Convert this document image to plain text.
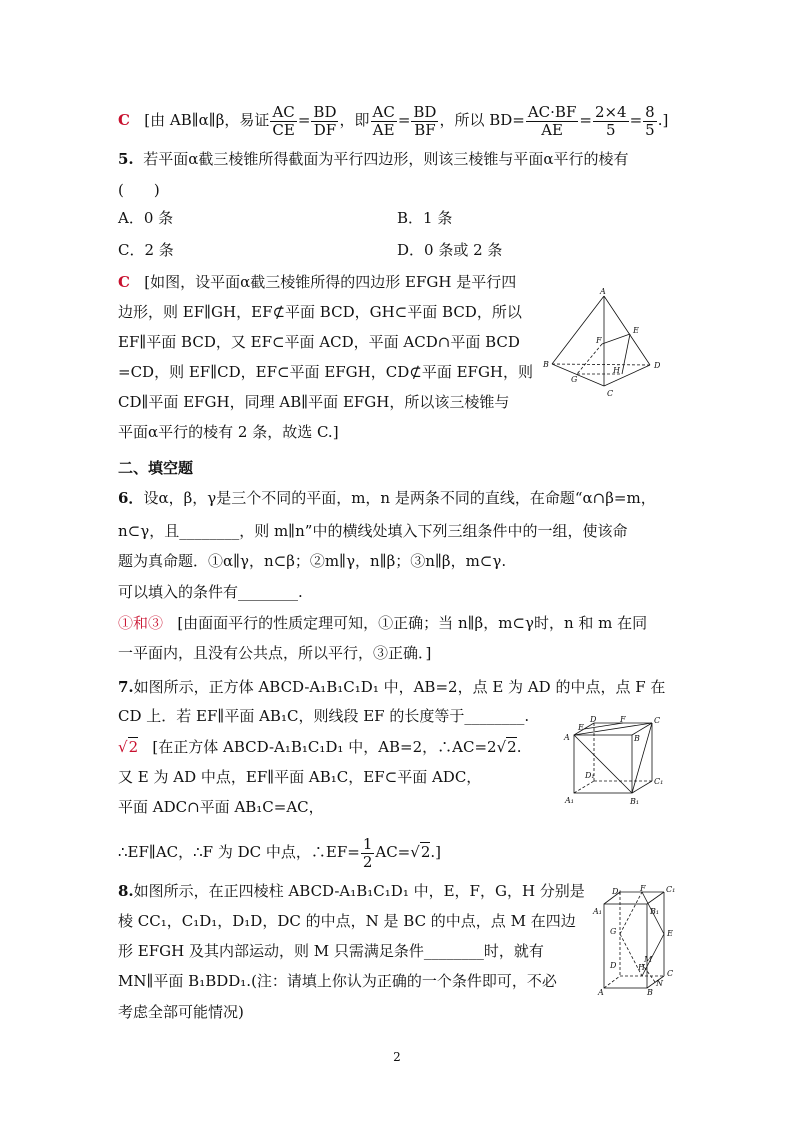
C [由 AB∥α∥β，易证 $\frac{AC}{CE} = \frac{BD}{DF}$ ，即 $\frac{AC}{AE} = \frac{BD}{BF}$ ，所以 $BD= \frac{AC\cdot BF}{AE} = \frac{2\times 4}{5} = \frac{8}{5}$ .]
5. 若平面α截三棱锥所得截面为平行四边形，则该三棱锥与平面α平行的棱有
(　　)
A．0 条	B．1 条
C．2 条	D．0 条或 2 条
C [如图，设平面α截三棱锥所得的四边形 EFGH 是平行四
边形，则 EF∥GH，EF⊄平面 BCD，GH⊂平面 BCD，所以
EF∥平面 BCD，又 EF⊂平面 ACD，平面 ACD∩平面 BCD
=CD，则 EF∥CD，EF⊂平面 EFGH，CD⊄平面 EFGH，则
CD∥平面 EFGH，同理 AB∥平面 EFGH，所以该三棱锥与
平面α平行的棱有 2 条，故选 C.]
A
B
C
D
E
F
G
H
二、填空题
6．设α，β，γ是三个不同的平面，m，n 是两条不同的直线，在命题“α∩β=m，
n⊂γ，且________，则 m∥n”中的横线处填入下列三组条件中的一组，使该命
题为真命题．①α∥γ，n⊂β；②m∥γ，n∥β；③n∥β，m⊂γ.
可以填入的条件有________.
①和③ [由面面平行的性质定理可知，①正确；当 n∥β，m⊂γ时，n 和 m 在同
一平面内，且没有公共点，所以平行，③正确．]
7.如图所示，正方体 ABCD-A₁B₁C₁D₁ 中，AB=2，点 E 为 AD 的中点，点 F 在
CD 上．若 EF∥平面 AB₁C，则线段 EF 的长度等于________.
√2 [在正方体 ABCD-A₁B₁C₁D₁ 中，AB=2，∴AC=2√2.
又 E 为 AD 中点，EF∥平面 AB₁C，EF⊂平面 ADC，
平面 ADC∩平面 AB₁C=AC，
∴EF∥AC，∴F 为 DC 中点，∴EF= $\frac{1}{2} AC=√2$.]
D	F	C
A
E
B
D₁
C₁
A₁	B₁
8.如图所示，在正四棱柱 ABCD-A₁B₁C₁D₁ 中，E，F，G，H 分别是
棱 CC₁，C₁D₁，D₁D，DC 的中点，N 是 BC 的中点，点 M 在四边
形 EFGH 及其内部运动，则 M 只需满足条件________时，就有
MN∥平面 B₁BDD₁.(注：请填上你认为正确的一个条件即可，不必
考虑全部可能情况)
D₁ F	C₁
A₁	B₁
G	E
D	H
C
M
N
A	B
2
